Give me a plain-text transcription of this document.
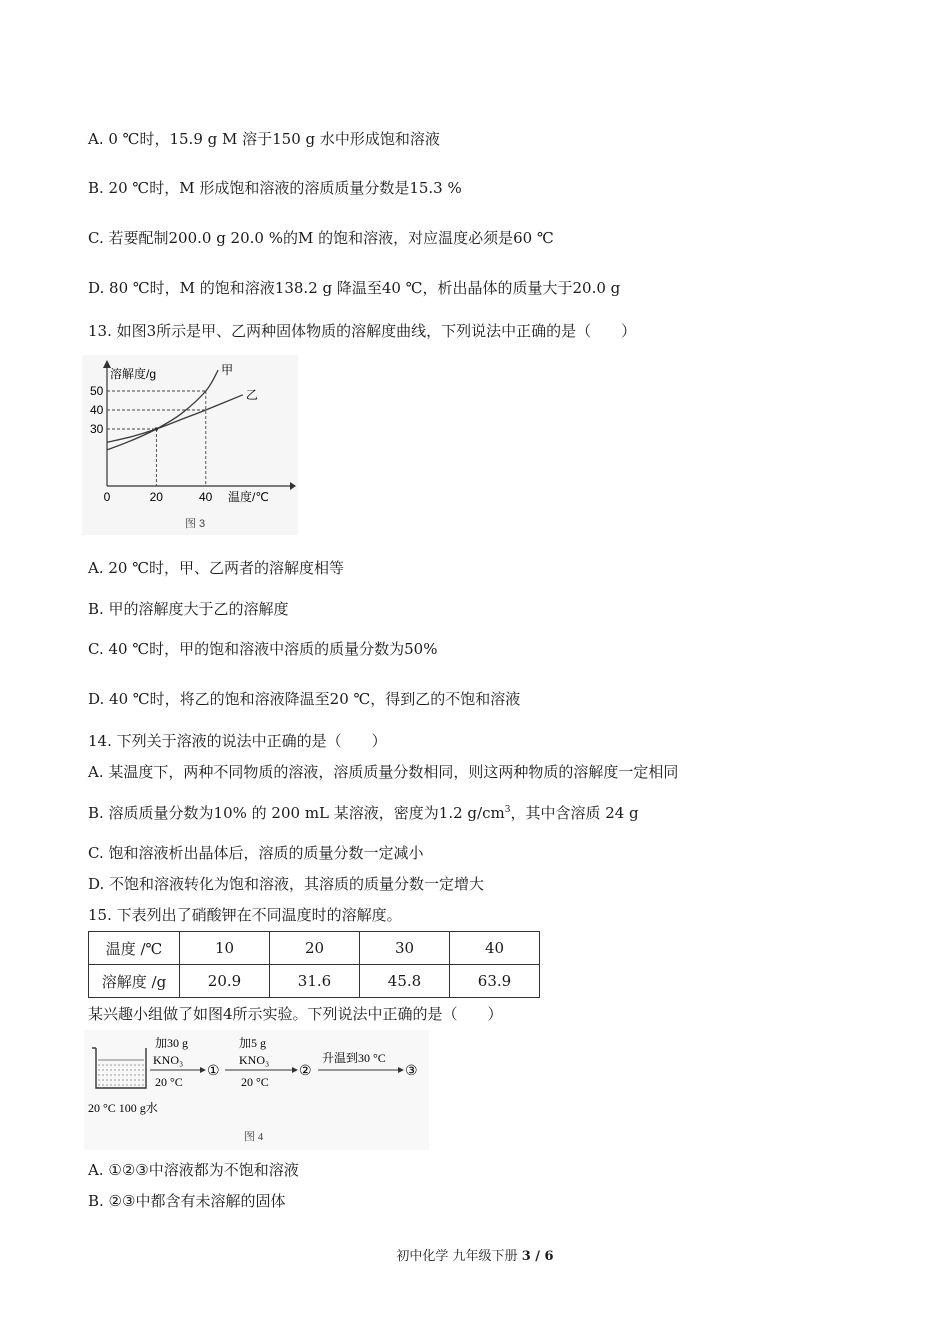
A. 0 ℃时，15.9 g M 溶于150 g 水中形成饱和溶液
B. 20 ℃时，M 形成饱和溶液的溶质质量分数是15.3 %
C. 若要配制200.0 g 20.0 %的M 的饱和溶液，对应温度必须是60 ℃
D. 80 ℃时，M 的饱和溶液138.2 g 降温至40 ℃，析出晶体的质量大于20.0 g
13. 如图3所示是甲、乙两种固体物质的溶解度曲线，下列说法中正确的是（　　）
甲
乙
30
40
50
0	20	40
溶解度/g
温度/℃
图 3
A. 20 ℃时，甲、乙两者的溶解度相等
B. 甲的溶解度大于乙的溶解度
C. 40 ℃时，甲的饱和溶液中溶质的质量分数为50%
D. 40 ℃时，将乙的饱和溶液降温至20 ℃，得到乙的不饱和溶液
14. 下列关于溶液的说法中正确的是（　　）
A. 某温度下，两种不同物质的溶液，溶质质量分数相同，则这两种物质的溶解度一定相同
B. 溶质质量分数为10% 的 200 mL 某溶液，密度为1.2 $g/cm^3$，其中含溶质 24 g
C. 饱和溶液析出晶体后，溶质的质量分数一定减小
D. 不饱和溶液转化为饱和溶液，其溶质的质量分数一定增大
15. 下表列出了硝酸钾在不同温度时的溶解度。
温度 /℃	10	20	30	40
溶解度 /g	20.9	31.6	45.8	63.9
某兴趣小组做了如图4所示实验。下列说法中正确的是（　　）
20 °C 100 g水
加30 g
KNO₃
20 °C
①
加5 g
KNO₃
20 °C
②
升温到30 °C
③
图 4
A. ①②③中溶液都为不饱和溶液
B. ②③中都含有未溶解的固体
初中化学 九年级下册 3 / 6
